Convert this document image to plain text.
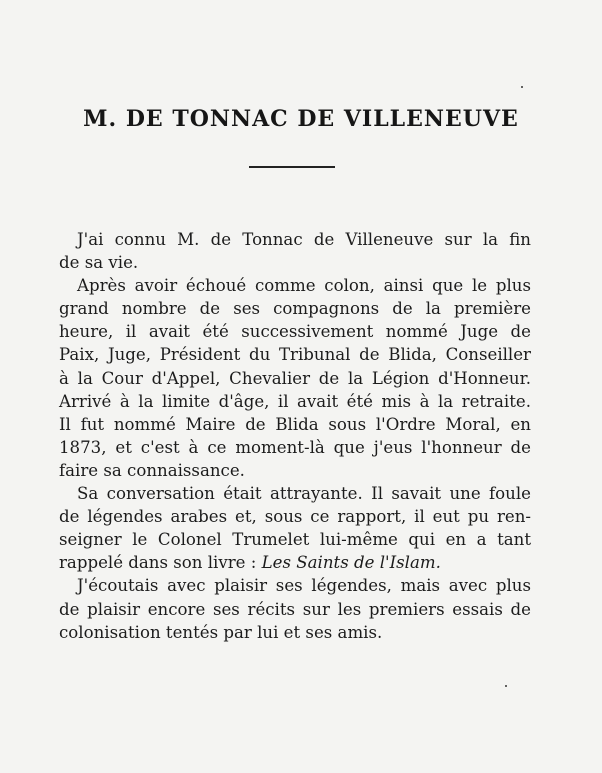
M. DE TONNAC DE VILLENEUVE
J'ai connu M. de Tonnac de Villeneuve sur la fin
de sa vie.
Après avoir échoué comme colon, ainsi que le plus
grand nombre de ses compagnons de la première
heure, il avait été successivement nommé Juge de
Paix, Juge, Président du Tribunal de Blida, Conseiller
à la Cour d'Appel, Chevalier de la Légion d'Honneur.
Arrivé à la limite d'âge, il avait été mis à la retraite.
Il fut nommé Maire de Blida sous l'Ordre Moral, en
1873, et c'est à ce moment-là que j'eus l'honneur de
faire sa connaissance.
Sa conversation était attrayante. Il savait une foule
de légendes arabes et, sous ce rapport, il eut pu ren-
seigner le Colonel Trumelet lui-même qui en a tant
rappelé dans son livre : Les Saints de l'Islam.
J'écoutais avec plaisir ses légendes, mais avec plus
de plaisir encore ses récits sur les premiers essais de
colonisation tentés par lui et ses amis.
